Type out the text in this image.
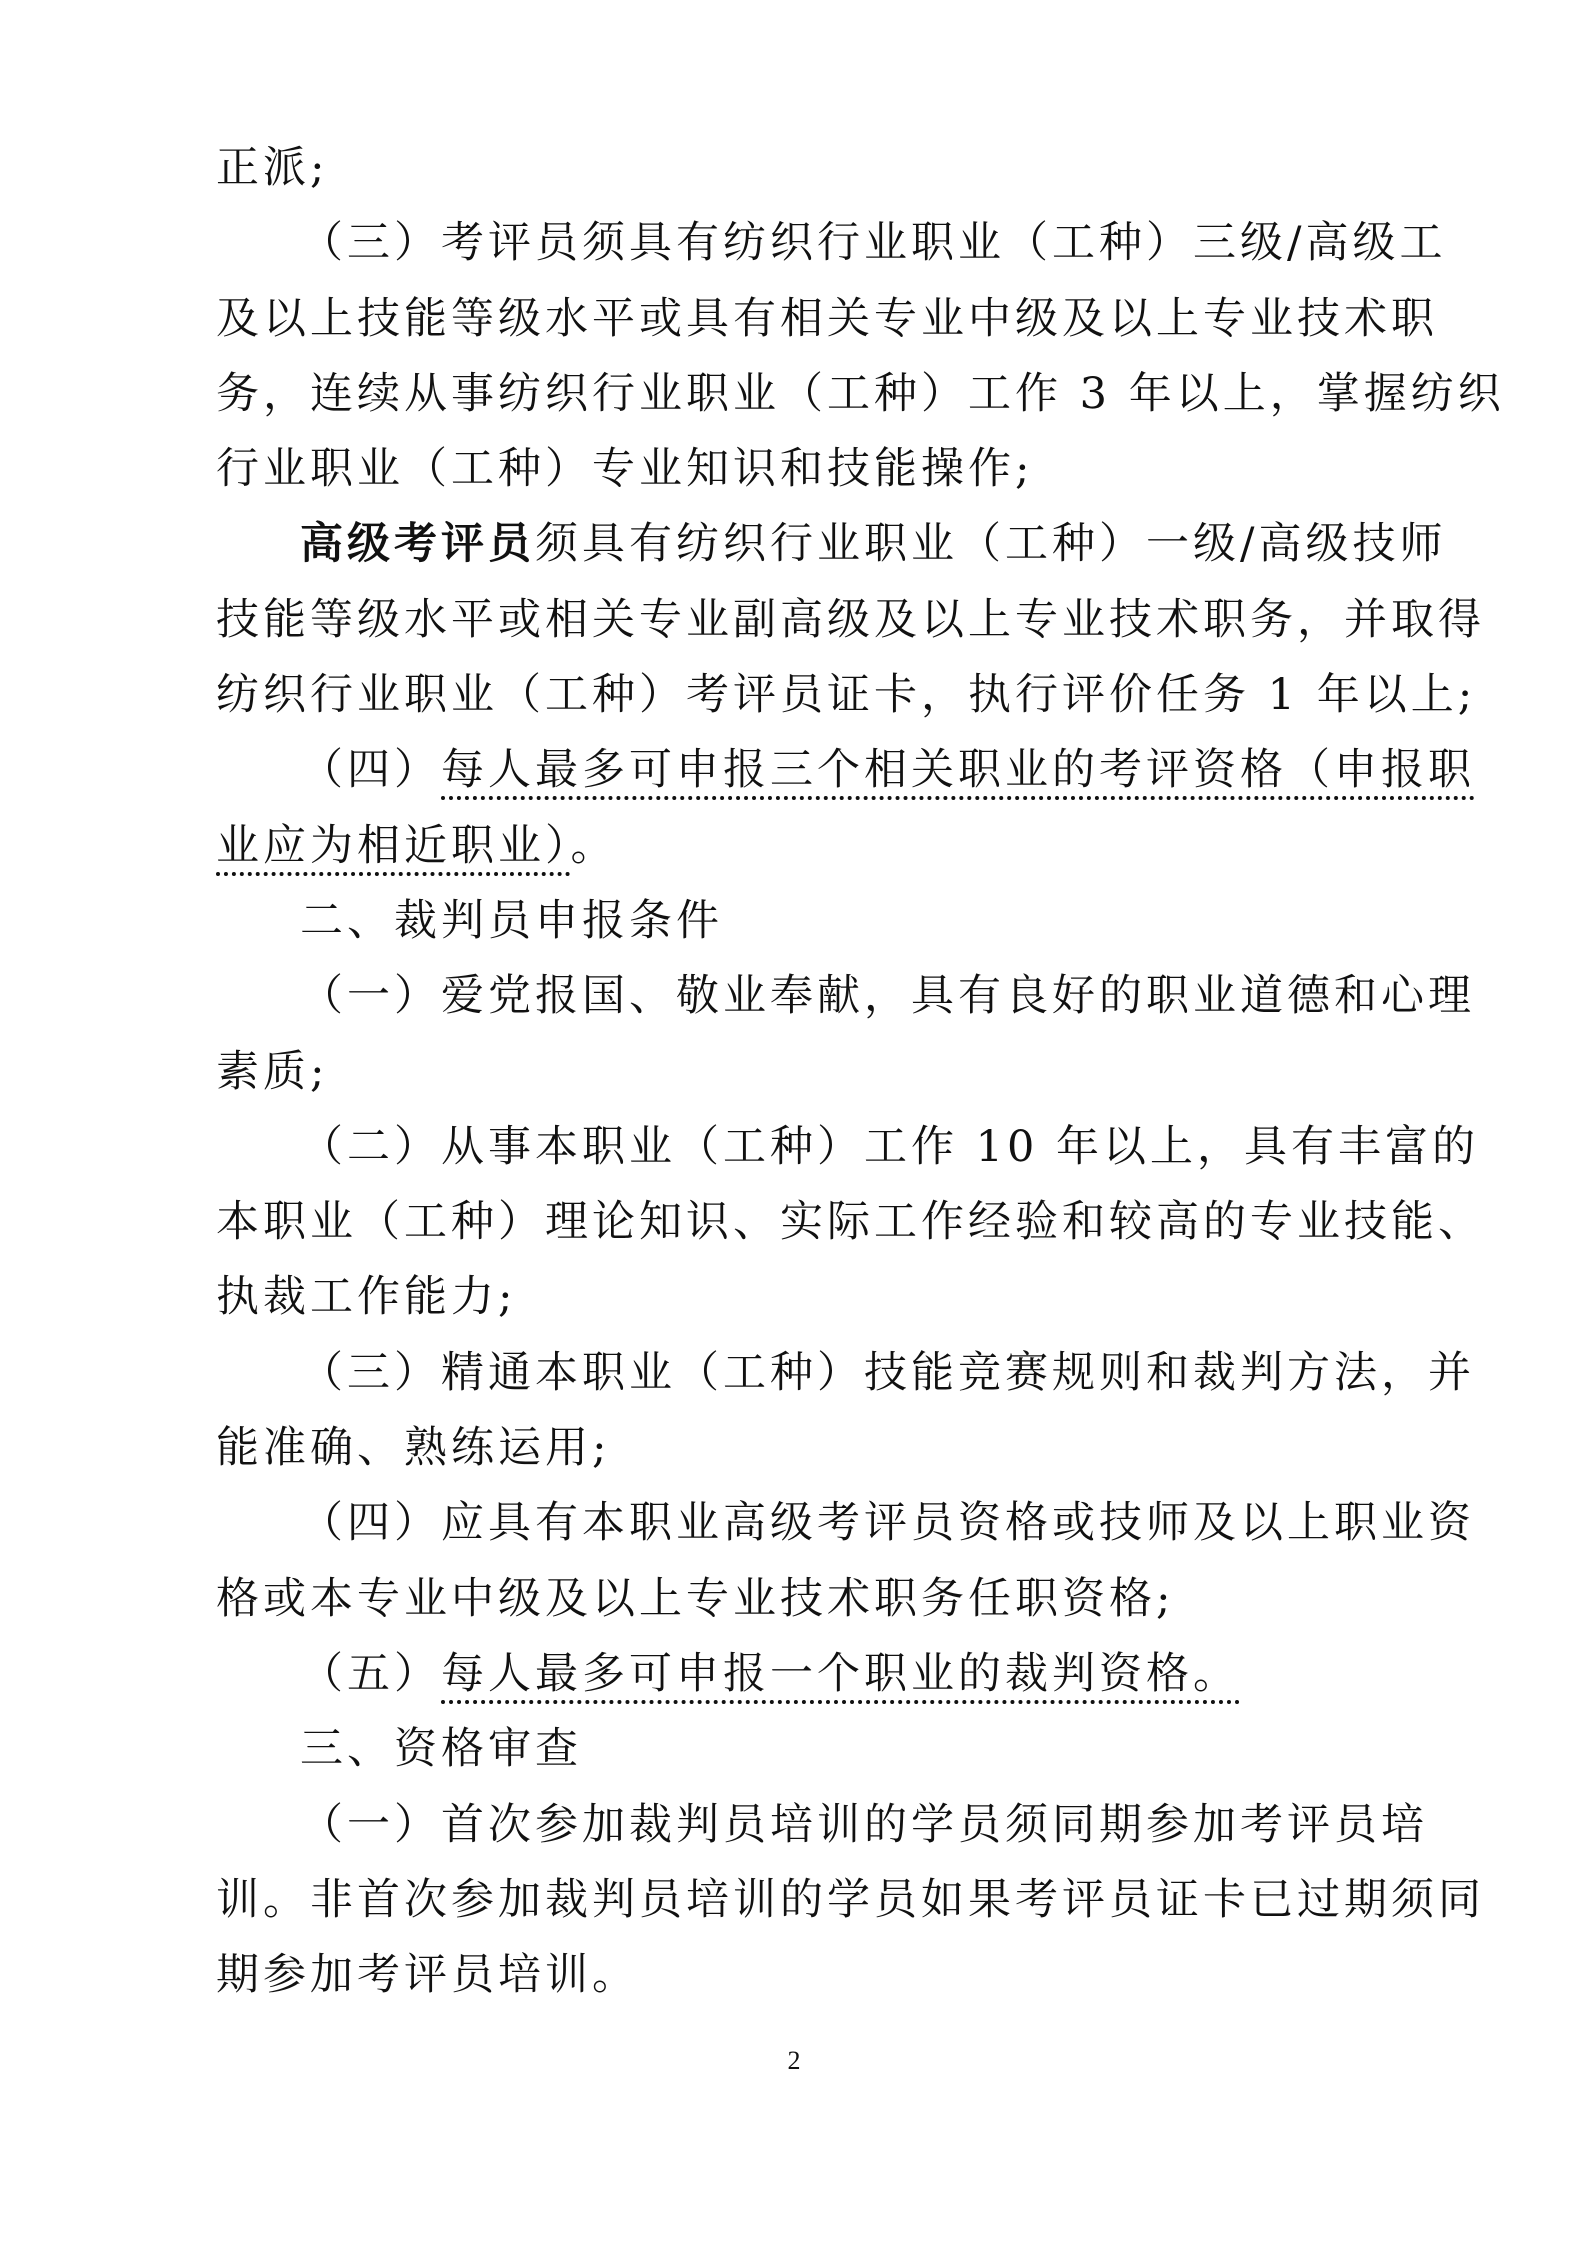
正派;
（三）考评员须具有纺织行业职业（工种）三级/高级工
及以上技能等级水平或具有相关专业中级及以上专业技术职
务，连续从事纺织行业职业（工种）工作 3 年以上，掌握纺织
行业职业（工种）专业知识和技能操作;
高级考评员须具有纺织行业职业（工种）一级/高级技师
技能等级水平或相关专业副高级及以上专业技术职务，并取得
纺织行业职业（工种）考评员证卡，执行评价任务 1 年以上;
（四）每人最多可申报三个相关职业的考评资格（申报职
业应为相近职业）。
二、裁判员申报条件
（一）爱党报国、敬业奉献，具有良好的职业道德和心理
素质;
（二）从事本职业（工种）工作 10 年以上，具有丰富的
本职业（工种）理论知识、实际工作经验和较高的专业技能、
执裁工作能力;
（三）精通本职业（工种）技能竞赛规则和裁判方法，并
能准确、熟练运用;
（四）应具有本职业高级考评员资格或技师及以上职业资
格或本专业中级及以上专业技术职务任职资格;
（五）每人最多可申报一个职业的裁判资格。
三、资格审查
（一）首次参加裁判员培训的学员须同期参加考评员培
训。非首次参加裁判员培训的学员如果考评员证卡已过期须同
期参加考评员培训。
2
